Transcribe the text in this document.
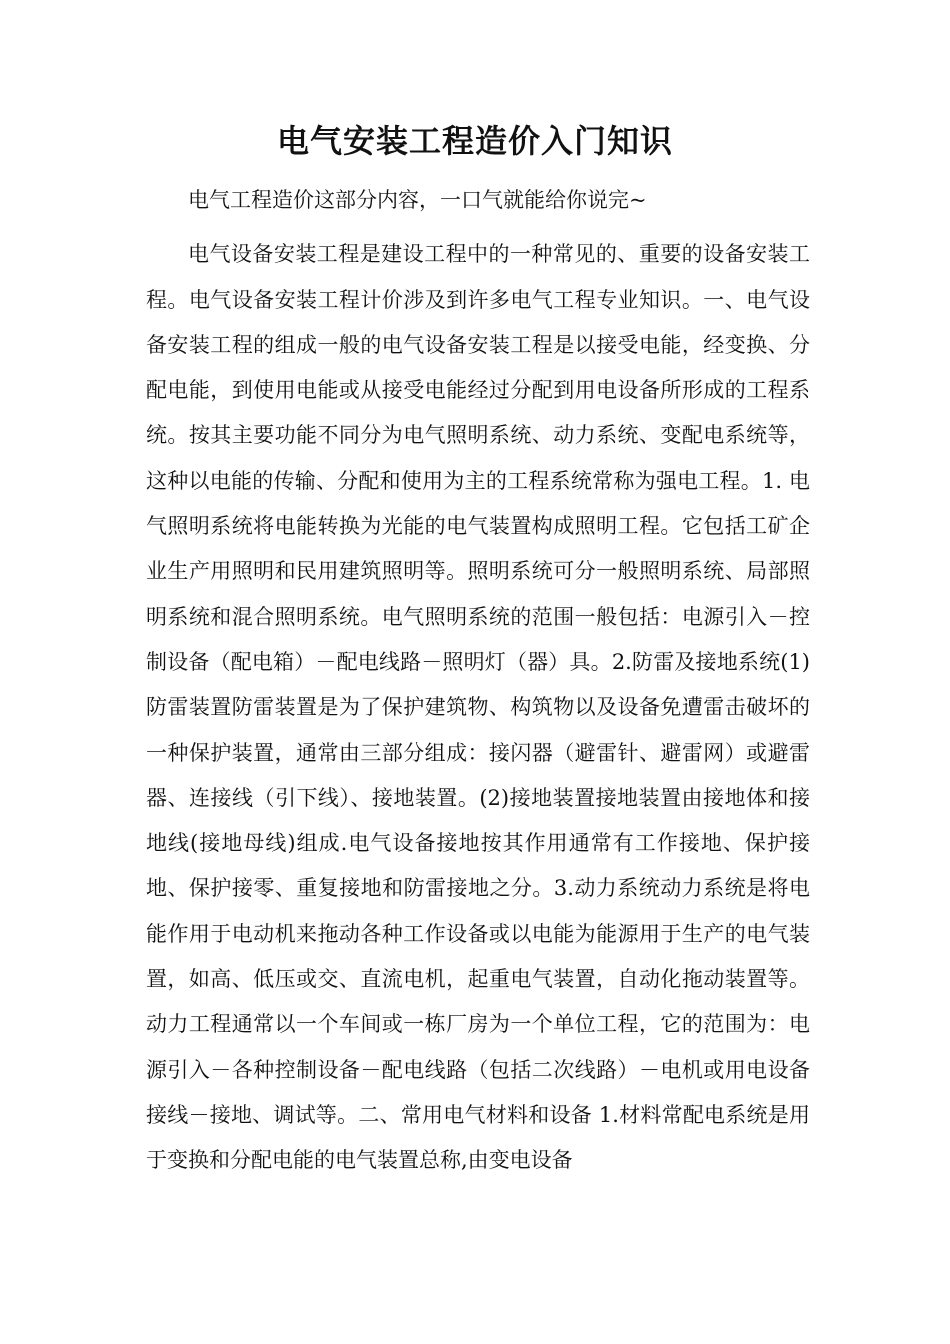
电气安装工程造价入门知识

电气工程造价这部分内容，一口气就能给你说完~

电气设备安装工程是建设工程中的一种常见的、重要的设备安装工程。电气设备安装工程计价涉及到许多电气工程专业知识。一、电气设备安装工程的组成一般的电气设备安装工程是以接受电能，经变换、分配电能，到使用电能或从接受电能经过分配到用电设备所形成的工程系统。按其主要功能不同分为电气照明系统、动力系统、变配电系统等，这种以电能的传输、分配和使用为主的工程系统常称为强电工程。1. 电气照明系统将电能转换为光能的电气装置构成照明工程。它包括工矿企业生产用照明和民用建筑照明等。照明系统可分一般照明系统、局部照明系统和混合照明系统。电气照明系统的范围一般包括：电源引入－控制设备（配电箱）－配电线路－照明灯（器）具。2.防雷及接地系统(1)防雷装置防雷装置是为了保护建筑物、构筑物以及设备免遭雷击破坏的一种保护装置，通常由三部分组成：接闪器（避雷针、避雷网）或避雷器、连接线（引下线）、接地装置。(2)接地装置接地装置由接地体和接地线(接地母线)组成.电气设备接地按其作用通常有工作接地、保护接地、保护接零、重复接地和防雷接地之分。3.动力系统动力系统是将电能作用于电动机来拖动各种工作设备或以电能为能源用于生产的电气装置，如高、低压或交、直流电机，起重电气装置，自动化拖动装置等。动力工程通常以一个车间或一栋厂房为一个单位工程，它的范围为：电源引入－各种控制设备－配电线路（包括二次线路）－电机或用电设备接线－接地、调试等。二、常用电气材料和设备 1.材料常配电系统是用于变换和分配电能的电气装置总称,由变电设备
